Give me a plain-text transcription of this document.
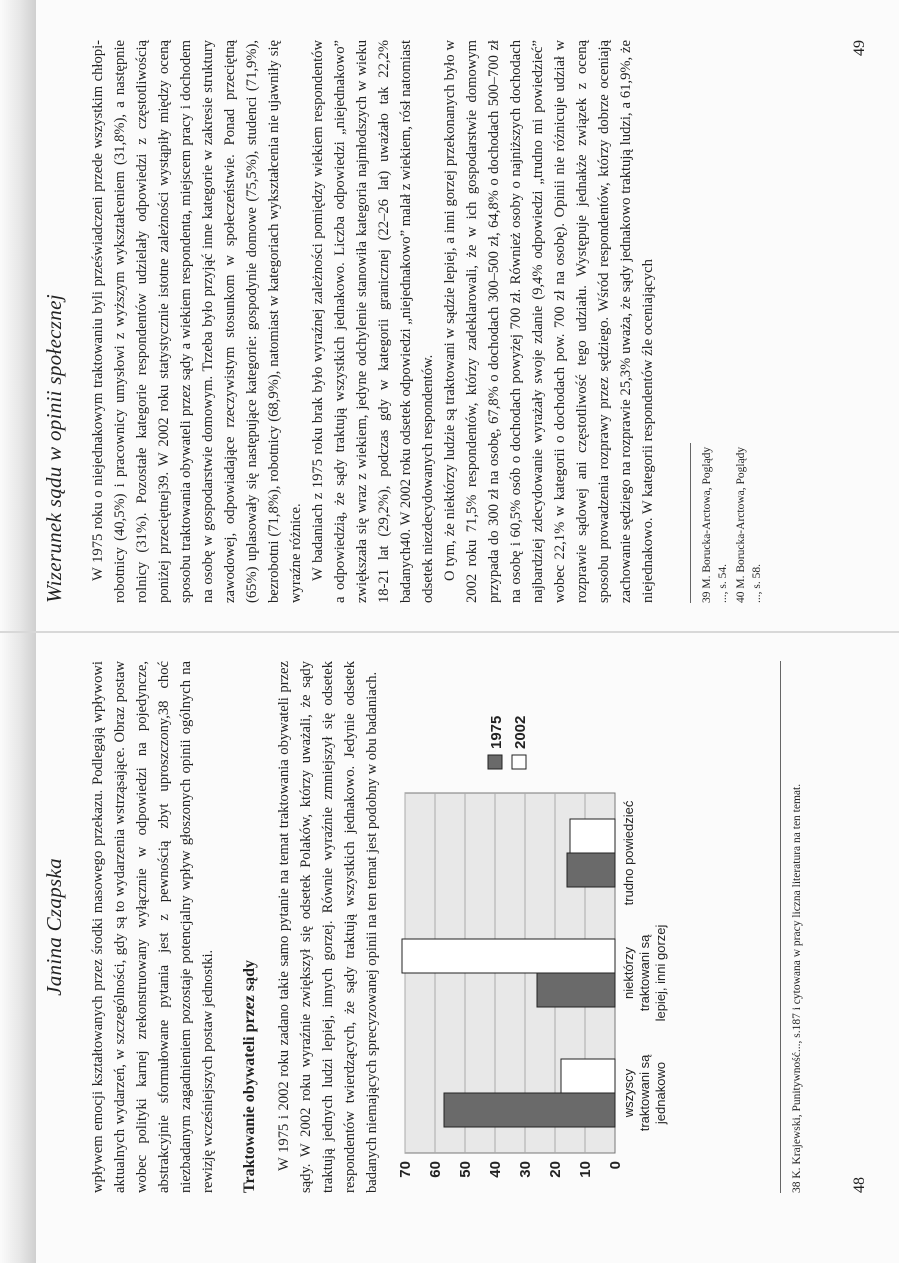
Janina Czapska wpływem emocji kształtowanych przez środki masowego przekazu. Podlegają wpływowi aktualnych wydarzeń, w szczególności, gdy są to wydarzenia wstrząsające. Obraz postaw wobec polityki karnej zrekonstruowany wyłącznie w odpowiedzi na pojedyncze, abstrakcyjnie sformułowane pytania jest z pewnością zbyt uproszczony,38 choć niezbadanym zagadnieniem pozostaje potencjalny wpływ głoszonych opinii ogólnych na rewizję wcześniejszych postaw jednostki. Traktowanie obywateli przez sądy W 1975 i 2002 roku zadano takie samo pytanie na temat traktowania obywateli przez sądy. W 2002 roku wyraźnie zwiększył się odsetek Polaków, którzy uważali, że sądy traktują jednych ludzi lepiej, innych gorzej. Równie wyraźnie zmniejszył się odsetek respondentów twierdzących, że sądy traktują wszystkich jednakowo. Jedynie odsetek badanych niemających sprecyzowanej opinii na ten temat jest podobny w obu badaniach.	0
10
20
30
40
50
60
70
wszyscy traktowani są jednakowo
niektórzy traktowani są lepiej, inni gorzej
trudno powiedzieć
1975 2002
38 K. Krajewski, Punitywność..., s.187 i cytowana w pracy liczna literatura na ten temat.	48
Wizerunek sądu w opinii społecznej W 1975 roku o niejednakowym traktowaniu byli przeświadczeni przede wszystkim chłopi-robotnicy (40,5%) i pracownicy umysłowi z wyższym wykształceniem (31,8%), a następnie rolnicy (31%). Pozostałe kategorie respondentów udzielały odpowiedzi z częstotliwością poniżej przeciętnej39. W 2002 roku statystycznie istotne zależności wystąpiły między oceną sposobu traktowania obywateli przez sądy a wiekiem respondenta, miejscem pracy i dochodem na osobę w gospodarstwie domowym. Trzeba było przyjąć inne kategorie w zakresie struktury zawodowej, odpowiadające rzeczywistym stosunkom w społeczeństwie. Ponad przeciętną (65%) uplasowały się następujące kategorie: gospodynie domowe (75,5%), studenci (71,9%), bezrobotni (71,8%), robotnicy (68,9%), natomiast w kategoriach wykształcenia nie ujawniły się wyraźne różnice. W badaniach z 1975 roku brak było wyraźnej zależności pomiędzy wiekiem respondentów a odpowiedzią, że sądy traktują wszystkich jednakowo. Liczba odpowiedzi „niejednakowo” zwiększała się wraz z wiekiem, jedyne odchylenie stanowiła kategoria najmłodszych w wieku 18-21 lat (29,2%), podczas gdy w kategorii granicznej (22–26 lat) uważało tak 22,2% badanych40. W 2002 roku odsetek odpowiedzi „niejednakowo” malał z wiekiem, rósł natomiast odsetek niezdecydowanych respondentów. O tym, że niektórzy ludzie są traktowani w sądzie lepiej, a inni gorzej przekonanych było w 2002 roku 71,5% respondentów, którzy zadeklarowali, że w ich gospodarstwie domowym przypada do 300 zł na osobę, 67,8% o dochodach 300–500 zł, 64,8% o dochodach 500–700 zł na osobę i 60,5% osób o dochodach powyżej 700 zł. Również osoby o najniższych dochodach najbardziej zdecydowanie wyrażały swoje zdanie (9,4% odpowiedzi „trudno mi powiedzieć” wobec 22,1% w kategorii o dochodach pow. 700 zł na osobę). Opinii nie różnicuje udział w rozprawie sądowej ani częstotliwość tego udziału. Występuje jednakże związek z oceną sposobu prowadzenia rozprawy przez sędziego. Wśród respondentów, którzy dobrze oceniają zachowanie sędziego na rozprawie 25,3% uważa, że sądy jednakowo traktują ludzi, a 61,9%, że niejednakowo. W kategorii respondentów źle oceniających	39 M. Borucka-Arctowa, Poglądy ..., s. 54. 40 M. Borucka-Arctowa, Poglądy ..., s. 58.
49
